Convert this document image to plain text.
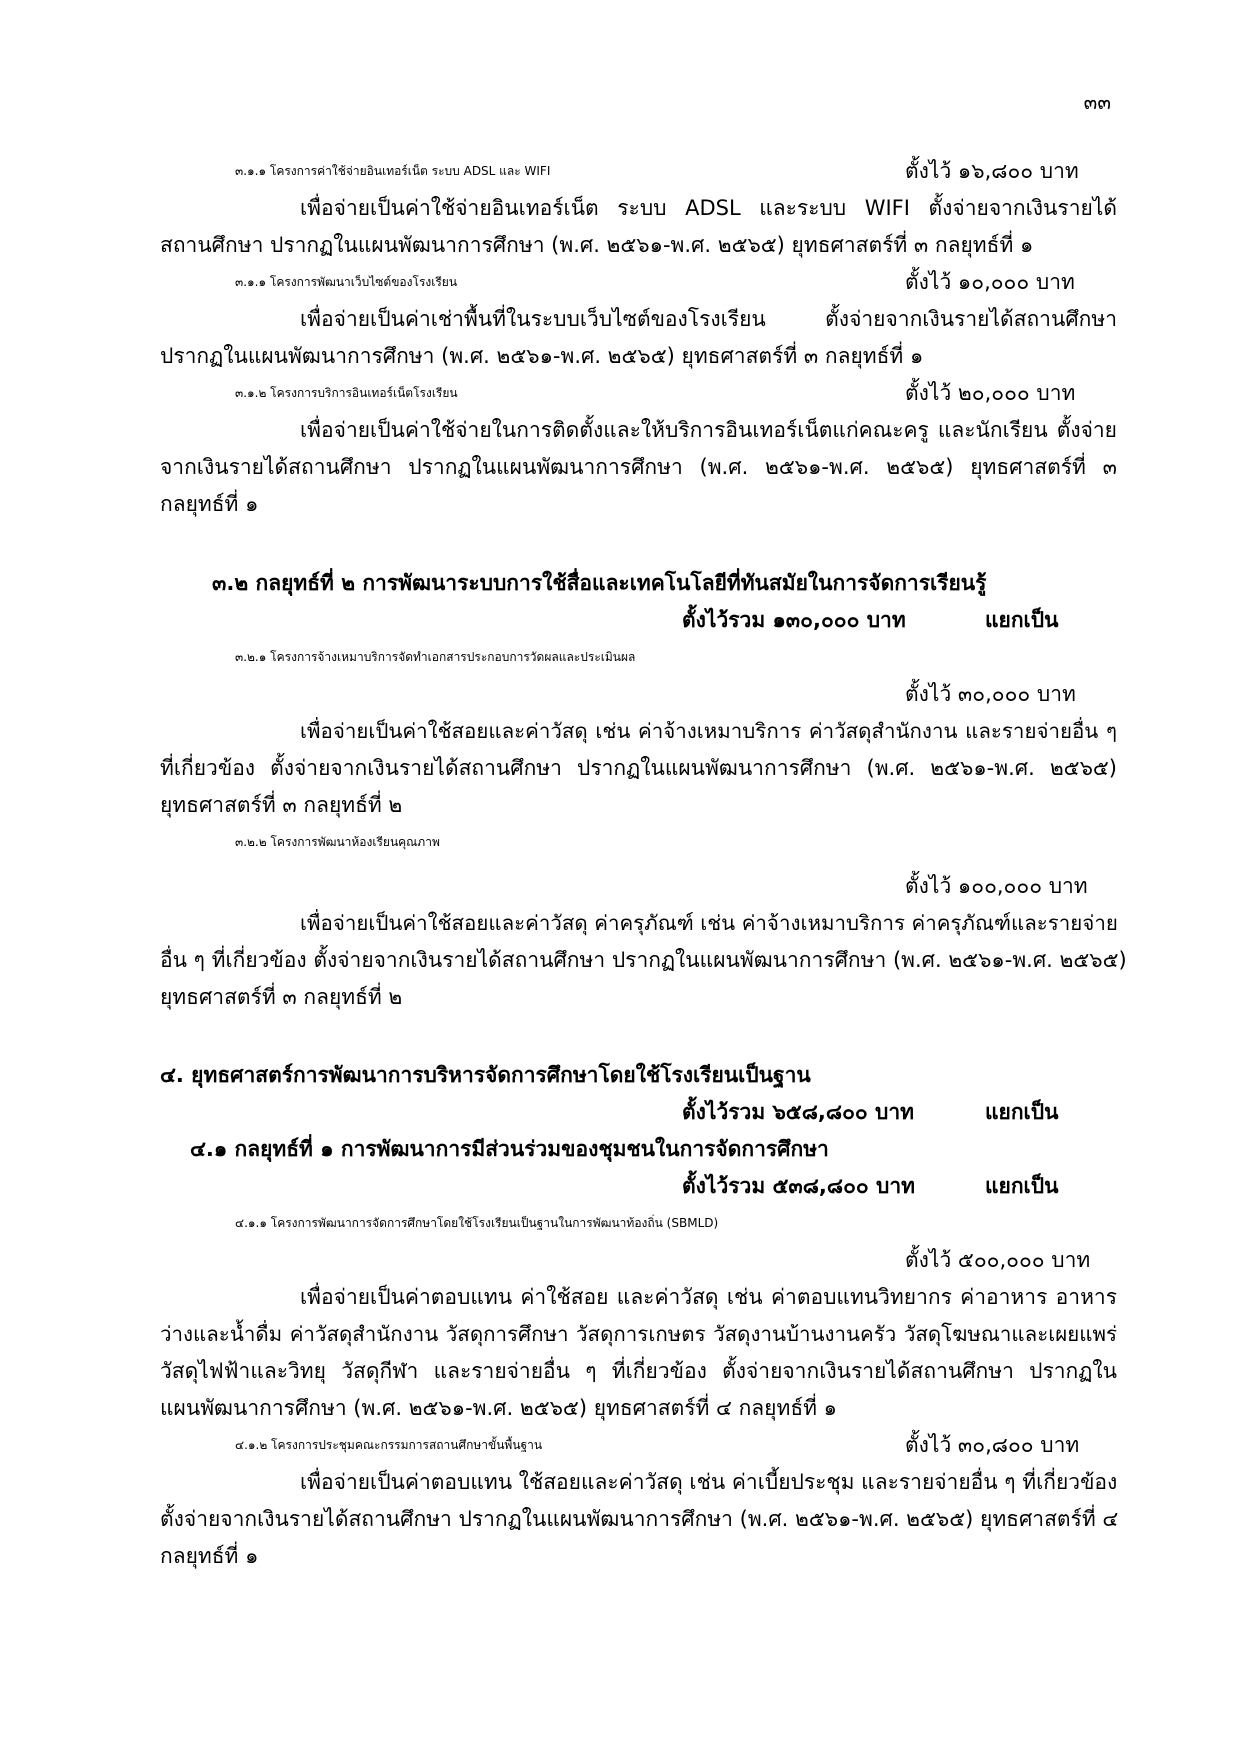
๓๓
๓.๑.๑ โครงการค่าใช้จ่ายอินเทอร์เน็ต ระบบ ADSL และ WIFI	ตั้งไว้ ๑๖,๘๐๐ บาท
เพื่อจ่ายเป็นค่าใช้จ่ายอินเทอร์เน็ต ระบบ ADSL และระบบ WIFI ตั้งจ่ายจากเงินรายได้
สถานศึกษา ปรากฏในแผนพัฒนาการศึกษา (พ.ศ. ๒๕๖๑-พ.ศ. ๒๕๖๕) ยุทธศาสตร์ที่ ๓ กลยุทธ์ที่ ๑
๓.๑.๑ โครงการพัฒนาเว็บไซต์ของโรงเรียน	ตั้งไว้ ๑๐,๐๐๐ บาท
เพื่อจ่ายเป็นค่าเช่าพื้นที่ในระบบเว็บไซต์ของโรงเรียน ตั้งจ่ายจากเงินรายได้สถานศึกษา
ปรากฏในแผนพัฒนาการศึกษา (พ.ศ. ๒๕๖๑-พ.ศ. ๒๕๖๕) ยุทธศาสตร์ที่ ๓ กลยุทธ์ที่ ๑
๓.๑.๒ โครงการบริการอินเทอร์เน็ตโรงเรียน	ตั้งไว้ ๒๐,๐๐๐ บาท
เพื่อจ่ายเป็นค่าใช้จ่ายในการติดตั้งและให้บริการอินเทอร์เน็ตแก่คณะครู และนักเรียน ตั้งจ่าย
จากเงินรายได้สถานศึกษา ปรากฏในแผนพัฒนาการศึกษา (พ.ศ. ๒๕๖๑-พ.ศ. ๒๕๖๕) ยุทธศาสตร์ที่ ๓
กลยุทธ์ที่ ๑
๓.๒ กลยุทธ์ที่ ๒ การพัฒนาระบบการใช้สื่อและเทคโนโลยีที่ทันสมัยในการจัดการเรียนรู้
ตั้งไว้รวม ๑๓๐,๐๐๐ บาท	แยกเป็น
๓.๒.๑ โครงการจ้างเหมาบริการจัดทำเอกสารประกอบการวัดผลและประเมินผล
ตั้งไว้ ๓๐,๐๐๐ บาท
เพื่อจ่ายเป็นค่าใช้สอยและค่าวัสดุ เช่น ค่าจ้างเหมาบริการ ค่าวัสดุสำนักงาน และรายจ่ายอื่น ๆ
ที่เกี่ยวข้อง ตั้งจ่ายจากเงินรายได้สถานศึกษา ปรากฏในแผนพัฒนาการศึกษา (พ.ศ. ๒๕๖๑-พ.ศ. ๒๕๖๕)
ยุทธศาสตร์ที่ ๓ กลยุทธ์ที่ ๒
๓.๒.๒ โครงการพัฒนาห้องเรียนคุณภาพ
ตั้งไว้ ๑๐๐,๐๐๐ บาท
เพื่อจ่ายเป็นค่าใช้สอยและค่าวัสดุ ค่าครุภัณฑ์ เช่น ค่าจ้างเหมาบริการ ค่าครุภัณฑ์และรายจ่าย
อื่น ๆ ที่เกี่ยวข้อง ตั้งจ่ายจากเงินรายได้สถานศึกษา ปรากฏในแผนพัฒนาการศึกษา (พ.ศ. ๒๕๖๑-พ.ศ. ๒๕๖๕)
ยุทธศาสตร์ที่ ๓ กลยุทธ์ที่ ๒
๔. ยุทธศาสตร์การพัฒนาการบริหารจัดการศึกษาโดยใช้โรงเรียนเป็นฐาน
ตั้งไว้รวม ๖๕๘,๘๐๐ บาท	แยกเป็น
๔.๑ กลยุทธ์ที่ ๑ การพัฒนาการมีส่วนร่วมของชุมชนในการจัดการศึกษา
ตั้งไว้รวม ๕๓๘,๘๐๐ บาท	แยกเป็น
๔.๑.๑ โครงการพัฒนาการจัดการศึกษาโดยใช้โรงเรียนเป็นฐานในการพัฒนาท้องถิ่น (SBMLD)
ตั้งไว้ ๕๐๐,๐๐๐ บาท
เพื่อจ่ายเป็นค่าตอบแทน ค่าใช้สอย และค่าวัสดุ เช่น ค่าตอบแทนวิทยากร ค่าอาหาร อาหาร
ว่างและน้ำดื่ม ค่าวัสดุสำนักงาน วัสดุการศึกษา วัสดุการเกษตร วัสดุงานบ้านงานครัว วัสดุโฆษณาและเผยแพร่
วัสดุไฟฟ้าและวิทยุ วัสดุกีฬา และรายจ่ายอื่น ๆ ที่เกี่ยวข้อง ตั้งจ่ายจากเงินรายได้สถานศึกษา ปรากฏใน
แผนพัฒนาการศึกษา (พ.ศ. ๒๕๖๑-พ.ศ. ๒๕๖๕) ยุทธศาสตร์ที่ ๔ กลยุทธ์ที่ ๑
๔.๑.๒ โครงการประชุมคณะกรรมการสถานศึกษาขั้นพื้นฐาน	ตั้งไว้ ๓๐,๘๐๐ บาท
เพื่อจ่ายเป็นค่าตอบแทน ใช้สอยและค่าวัสดุ เช่น ค่าเบี้ยประชุม และรายจ่ายอื่น ๆ ที่เกี่ยวข้อง
ตั้งจ่ายจากเงินรายได้สถานศึกษา ปรากฏในแผนพัฒนาการศึกษา (พ.ศ. ๒๕๖๑-พ.ศ. ๒๕๖๕) ยุทธศาสตร์ที่ ๔
กลยุทธ์ที่ ๑
